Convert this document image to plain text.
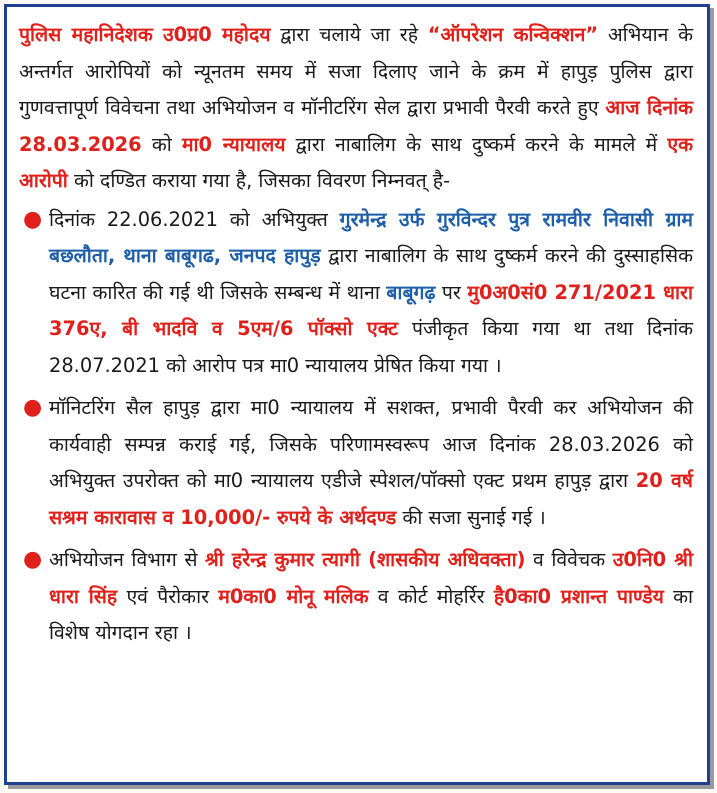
पुलिस महानिदेशक उ0प्र0 महोदय द्वारा चलाये जा रहे “ऑपरेशन कन्विक्शन” अभियान के अन्तर्गत आरोपियों को न्यूनतम समय में सजा दिलाए जाने के क्रम में हापुड़ पुलिस द्वारा गुणवत्तापूर्ण विवेचना तथा अभियोजन व मॉनीटरिंग सेल द्वारा प्रभावी पैरवी करते हुए आज दिनांक 28.03.2026 को मा0 न्यायालय द्वारा नाबालिग के साथ दुष्कर्म करने के मामले में एक आरोपी को दण्डित कराया गया है, जिसका विवरण निम्नवत् है-

● दिनांक 22.06.2021 को अभियुक्त गुरमेन्द्र उर्फ गुरविन्दर पुत्र रामवीर निवासी ग्राम बछलौता, थाना बाबूगढ, जनपद हापुड़ द्वारा नाबालिग के साथ दुष्कर्म करने की दुस्साहसिक घटना कारित की गई थी जिसके सम्बन्ध में थाना बाबूगढ़ पर मु0अ0सं0 271/2021 धारा 376ए, बी भादवि व 5एम/6 पॉक्सो एक्ट पंजीकृत किया गया था तथा दिनांक 28.07.2021 को आरोप पत्र मा0 न्यायालय प्रेषित किया गया ।
● मॉनिटरिंग सैल हापुड़ द्वारा मा0 न्यायालय में सशक्त, प्रभावी पैरवी कर अभियोजन की कार्यवाही सम्पन्न कराई गई, जिसके परिणामस्वरूप आज दिनांक 28.03.2026 को अभियुक्त उपरोक्त को मा0 न्यायालय एडीजे स्पेशल/पॉक्सो एक्ट प्रथम हापुड़ द्वारा 20 वर्ष सश्रम कारावास व 10,000/- रुपये के अर्थदण्ड की सजा सुनाई गई ।
● अभियोजन विभाग से श्री हरेन्द्र कुमार त्यागी (शासकीय अधिवक्ता) व विवेचक उ0नि0 श्री धारा सिंह एवं पैरोकार म0का0 मोनू मलिक व कोर्ट मोहर्रिर है0का0 प्रशान्त पाण्डेय का विशेष योगदान रहा ।
